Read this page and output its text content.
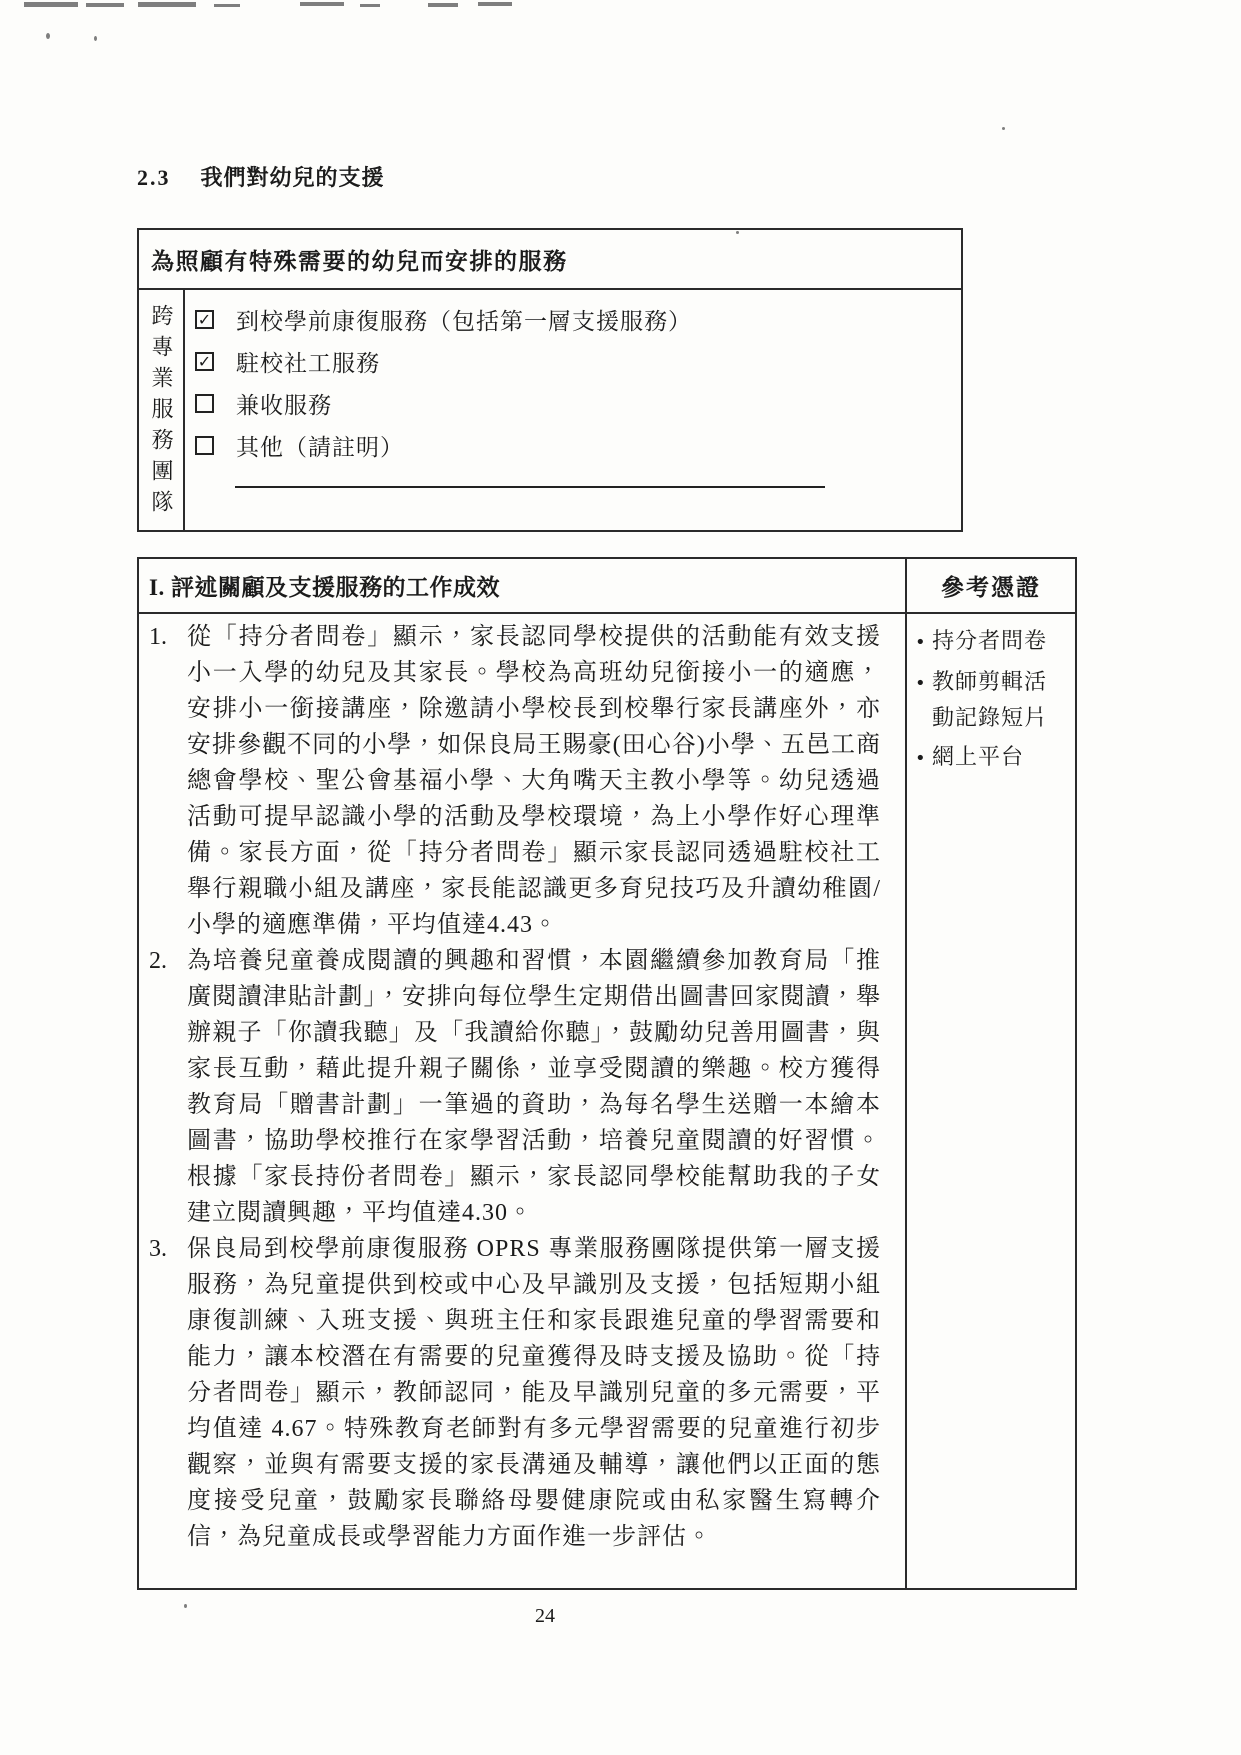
2.3 我們對幼兒的支援
為照顧有特殊需要的幼兒而安排的服務
跨專業服務團隊 ✓ 到校學前康復服務（包括第一層支援服務）
✓ 駐校社工服務
兼收服務
其他（請註明）
I. 評述關顧及支援服務的工作成效	參考憑證
1. 從「持分者問卷」顯示，家長認同學校提供的活動能有效支援小一入學的幼兒及其家長。學校為高班幼兒銜接小一的適應，安排小一銜接講座，除邀請小學校長到校舉行家長講座外，亦安排參觀不同的小學，如保良局王賜豪(田心谷)小學、五邑工商總會學校、聖公會基福小學、大角嘴天主教小學等。幼兒透過活動可提早認識小學的活動及學校環境，為上小學作好心理準備。家長方面，從「持分者問卷」顯示家長認同透過駐校社工舉行親職小組及講座，家長能認識更多育兒技巧及升讀幼稚園/小學的適應準備，平均值達4.43。
2. 為培養兒童養成閱讀的興趣和習慣，本園繼續參加教育局「推廣閱讀津貼計劃」，安排向每位學生定期借出圖書回家閱讀，舉辦親子「你讀我聽」及「我讀給你聽」，鼓勵幼兒善用圖書，與家長互動，藉此提升親子關係，並享受閱讀的樂趣。校方獲得教育局「贈書計劃」一筆過的資助，為每名學生送贈一本繪本圖書，協助學校推行在家學習活動，培養兒童閱讀的好習慣。根據「家長持份者問卷」顯示，家長認同學校能幫助我的子女建立閱讀興趣，平均值達4.30。
3. 保良局到校學前康復服務 OPRS 專業服務團隊提供第一層支援服務，為兒童提供到校或中心及早識別及支援，包括短期小組康復訓練、入班支援、與班主任和家長跟進兒童的學習需要和能力，讓本校潛在有需要的兒童獲得及時支援及協助。從「持分者問卷」顯示，教師認同，能及早識別兒童的多元需要，平均值達 4.67。特殊教育老師對有多元學習需要的兒童進行初步觀察，並與有需要支援的家長溝通及輔導，讓他們以正面的態度接受兒童，鼓勵家長聯絡母嬰健康院或由私家醫生寫轉介信，為兒童成長或學習能力方面作進一步評估。
• 持分者問卷
• 教師剪輯活動記錄短片
• 網上平台
24
